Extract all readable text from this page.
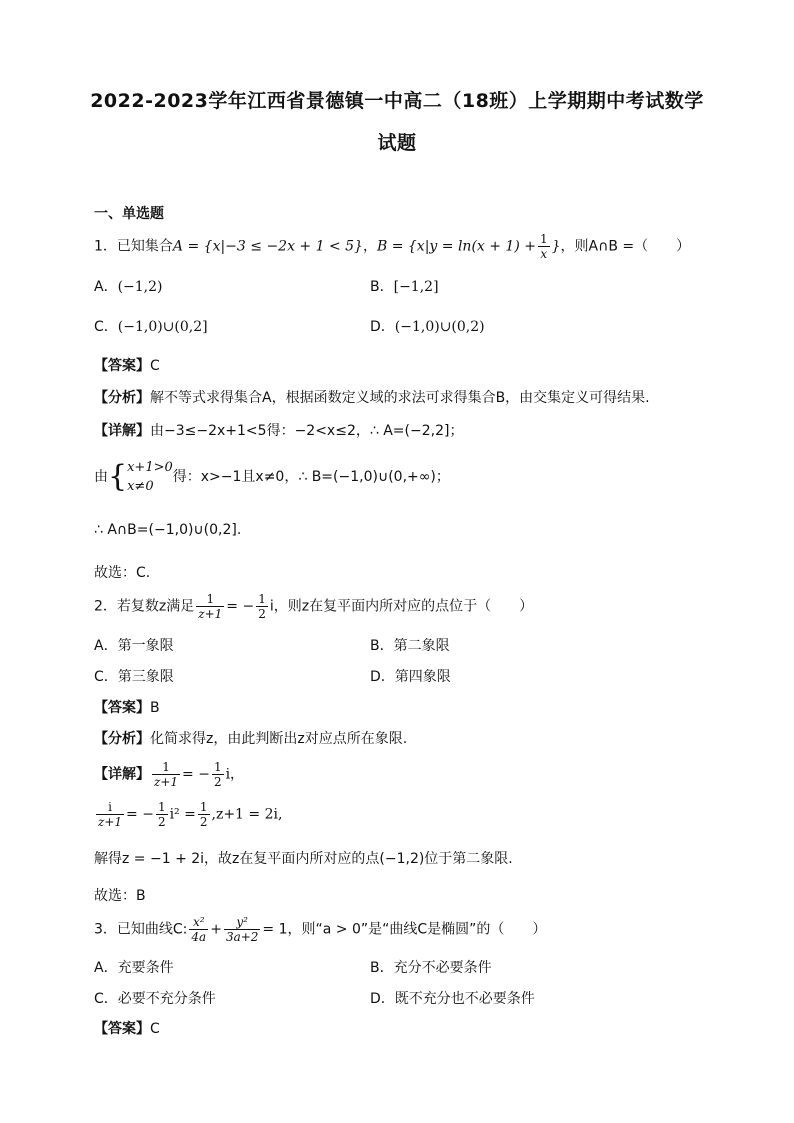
2022-2023学年江西省景德镇一中高二（18班）上学期期中考试数学
试题
一、单选题
1．已知集合A = {x|−3 ≤ −2x + 1 < 5}，$B = \{x|y = \ln(x + 1) + \frac{1}{x}$ }，则A∩B =（　　）
A．(−1,2)	B．[−1,2]
C．(−1,0)∪(0,2]	D．(−1,0)∪(0,2)
【答案】C
【分析】解不等式求得集合A，根据函数定义域的求法可求得集合B，由交集定义可得结果.
【详解】由−3≤−2x+1<5得：−2<x≤2，∴ A=(−2,2]；
由{ x+1>0
x≠0
得：x>−1且x≠0，∴ B=(−1,0)∪(0,+∞)；
∴ A∩B=(−1,0)∪(0,2].
故选：C.
2．若复数z满足 $\frac{1}{z+1}$ = − $\frac{1}{2}$ i，则z在复平面内所对应的点位于（　　）
A．第一象限	B．第二象限
C．第三象限	D．第四象限
【答案】B
【分析】化简求得z，由此判断出z对应点所在象限.
【详解】 $\frac{1}{z+1}$ = − $\frac{1}{2}$ i，
$\frac{i}{z+1}$ = − $\frac{1}{2} i^2 = \frac{1}{2} ,z+1 = 2i$,
解得z = −1 + 2i，故z在复平面内所对应的点(−1,2)位于第二象限.
故选：B
3．已知曲线C: $\frac{\text{x²}}{4a} + \frac{\text{y²}}{3a+2} = 1$，则“a > 0”是“曲线C是椭圆”的（　　）
A．充要条件	B．充分不必要条件
C．必要不充分条件	D．既不充分也不必要条件
【答案】C
